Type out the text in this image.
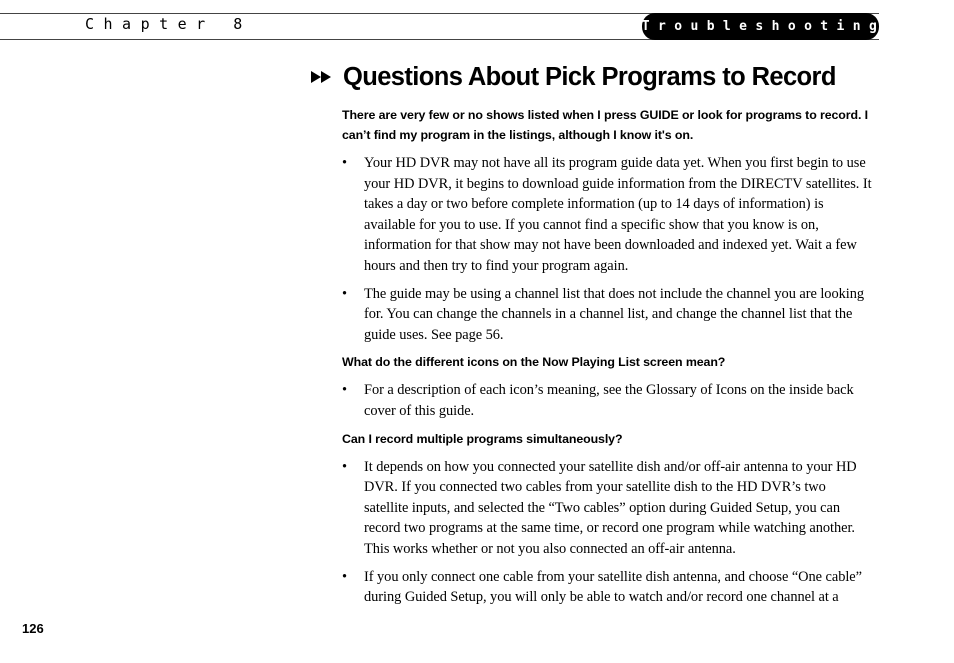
Chapter 8	Troubleshooting
Questions About Pick Programs to Record

There are very few or no shows listed when I press GUIDE or look for programs to record. I can’t find my program in the listings, although I know it's on.

• Your HD DVR may not have all its program guide data yet. When you first begin to use your HD DVR, it begins to download guide information from the DIRECTV satellites. It takes a day or two before complete information (up to 14 days of information) is available for you to use. If you cannot find a specific show that you know is on, information for that show may not have been downloaded and indexed yet. Wait a few hours and then try to find your program again.
• The guide may be using a channel list that does not include the channel you are looking for. You can change the channels in a channel list, and change the channel list that the guide uses. See page 56.

What do the different icons on the Now Playing List screen mean?

• For a description of each icon’s meaning, see the Glossary of Icons on the inside back cover of this guide.

Can I record multiple programs simultaneously?

• It depends on how you connected your satellite dish and/or off-air antenna to your HD DVR. If you connected two cables from your satellite dish to the HD DVR’s two satellite inputs, and selected the “Two cables” option during Guided Setup, you can record two programs at the same time, or record one program while watching another. This works whether or not you also connected an off-air antenna.
• If you only connect one cable from your satellite dish antenna, and choose “One cable” during Guided Setup, you will only be able to watch and/or record one channel at a
126
